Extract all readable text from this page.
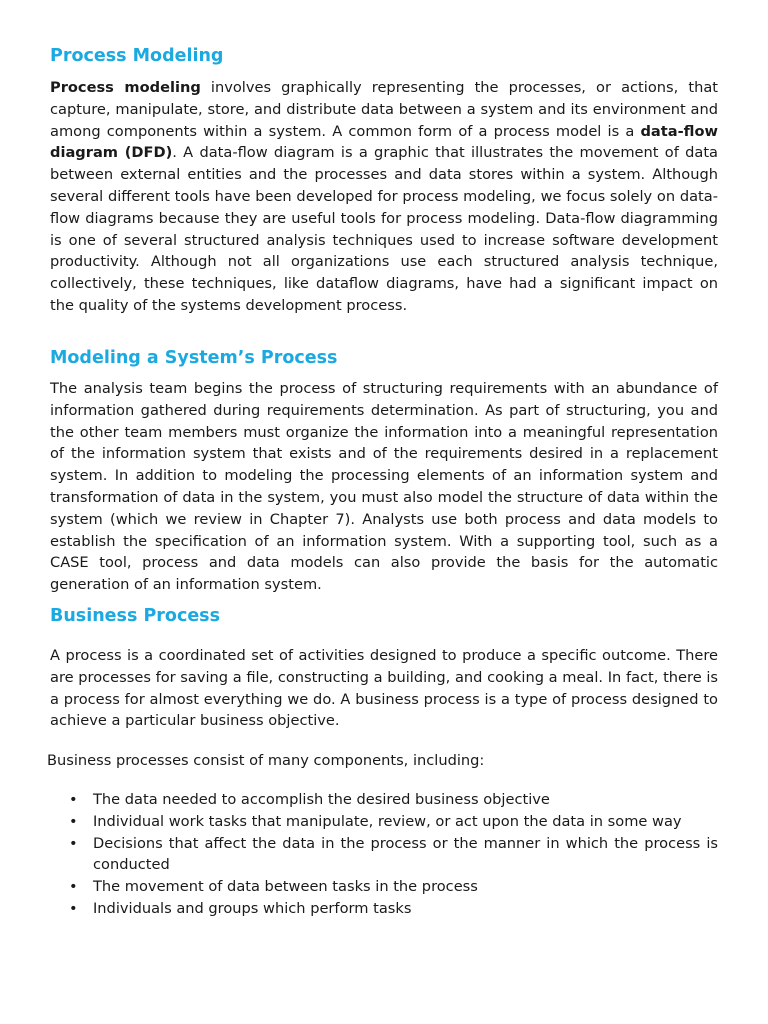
Process Modeling

Process modeling involves graphically representing the processes, or actions, that capture, manipulate, store, and distribute data between a system and its environment and among components within a system. A common form of a process model is a data-flow diagram (DFD). A data-flow diagram is a graphic that illustrates the movement of data between external entities and the processes and data stores within a system. Although several different tools have been developed for process modeling, we focus solely on data-flow diagrams because they are useful tools for process modeling. Data-flow diagramming is one of several structured analysis techniques used to increase software development productivity. Although not all organizations use each structured analysis technique, collectively, these techniques, like dataflow diagrams, have had a significant impact on the quality of the systems development process.

Modeling a System’s Process

The analysis team begins the process of structuring requirements with an abundance of information gathered during requirements determination. As part of structuring, you and the other team members must organize the information into a meaningful representation of the information system that exists and of the requirements desired in a replacement system. In addition to modeling the processing elements of an information system and transformation of data in the system, you must also model the structure of data within the system (which we review in Chapter 7). Analysts use both process and data models to establish the specification of an information system. With a supporting tool, such as a CASE tool, process and data models can also provide the basis for the automatic generation of an information system.

Business Process

A process is a coordinated set of activities designed to produce a specific outcome. There are processes for saving a file, constructing a building, and cooking a meal. In fact, there is a process for almost everything we do. A business process is a type of process designed to achieve a particular business objective.

Business processes consist of many components, including:

• The data needed to accomplish the desired business objective
• Individual work tasks that manipulate, review, or act upon the data in some way
• Decisions that affect the data in the process or the manner in which the process is conducted
• The movement of data between tasks in the process
• Individuals and groups which perform tasks
